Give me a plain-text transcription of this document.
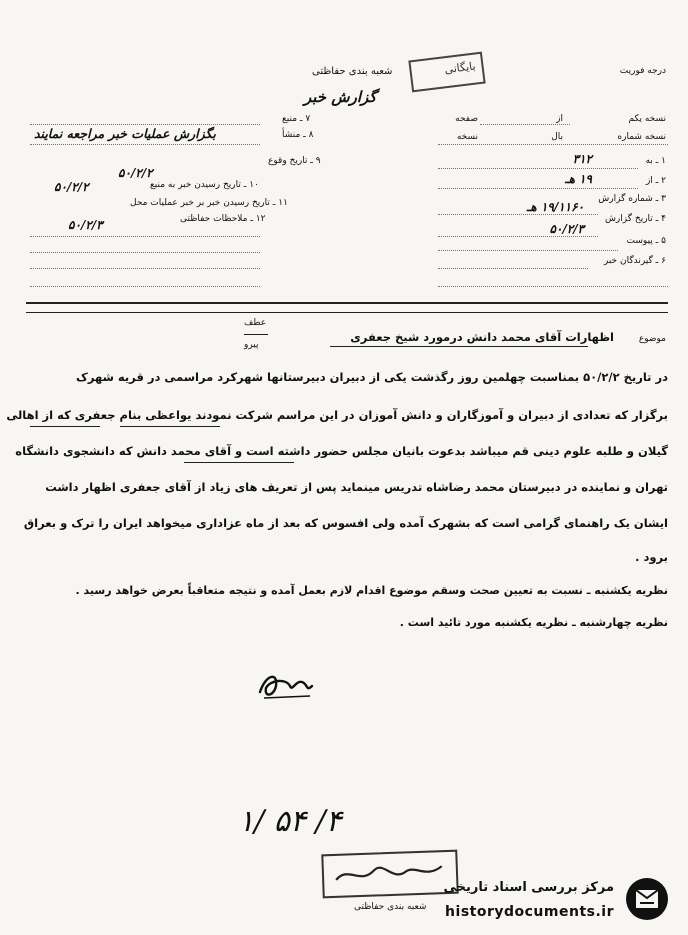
درجه فوریت
شعبه بندی حفاظتی
گزارش خبر
بایگانی
نسخه یکم
از
صفحه
نسخه شماره
بال
نسخه
۱ ـ به
۳۱۲
۲ ـ از
۱۹ هـ
۳ ـ شماره گزارش
۱۹/۱۱۶۰ هـ
۴ ـ تاریخ گزارش
۵۰/۲/۳
۵ ـ پیوست
۶ ـ گیرندگان خبر
۷ ـ منبع
۸ ـ منشأ
بگزارش عملیات خبر مراجعه نمایند
۹ ـ تاریخ وقوع
۵۰/۲/۲
۱۰ ـ تاریخ رسیدن خبر به منبع
۱۱ ـ تاریخ رسیدن خبر بر خبر عملیات محل
۵۰/۲/۲
۱۲ ـ ملاحظات حفاظتی
۵۰/۲/۳
موضوع
اظهارات آقای محمد دانش درمورد شیخ جعفری
عطف
پیرو
در تاریخ ۵۰/۲/۲ بمناسبت چهلمین روز رگذشت یکی از دبیران دبیرستانها شهرکرد مراسمی در قریه شهرک
برگزار که تعدادی از دبیران و آموزگاران و دانش آموزان در این مراسم شرکت نمودند یواعظی بنام جعفری که از اهالی
گیلان و طلبه علوم دینی قم میباشد بدعوت بانیان مجلس حضور داشته است و آقای محمد دانش که دانشجوی دانشگاه
تهران و نماینده در دبیرستان محمد رضاشاه تدریس مینماید پس از تعریف های زیاد از آقای جعفری اظهار داشت
ایشان یک راهنمای گرامی است که بشهرک آمده ولی افسوس که بعد از ماه عزاداری میخواهد ایران را ترک و بعراق
برود .
نظریه یکشنبه ـ نسبت به تعیین صحت وسقم موضوع اقدام لازم بعمل آمده و نتیجه متعاقباً بعرض خواهد رسید .
نظریه چهارشنبه ـ نظریه یکشنبه مورد تائید است .
۱/ ۵۴ /۴
شعبه بندی حفاظتی
مرکز بررسی اسناد تاریخی
historydocuments.ir
